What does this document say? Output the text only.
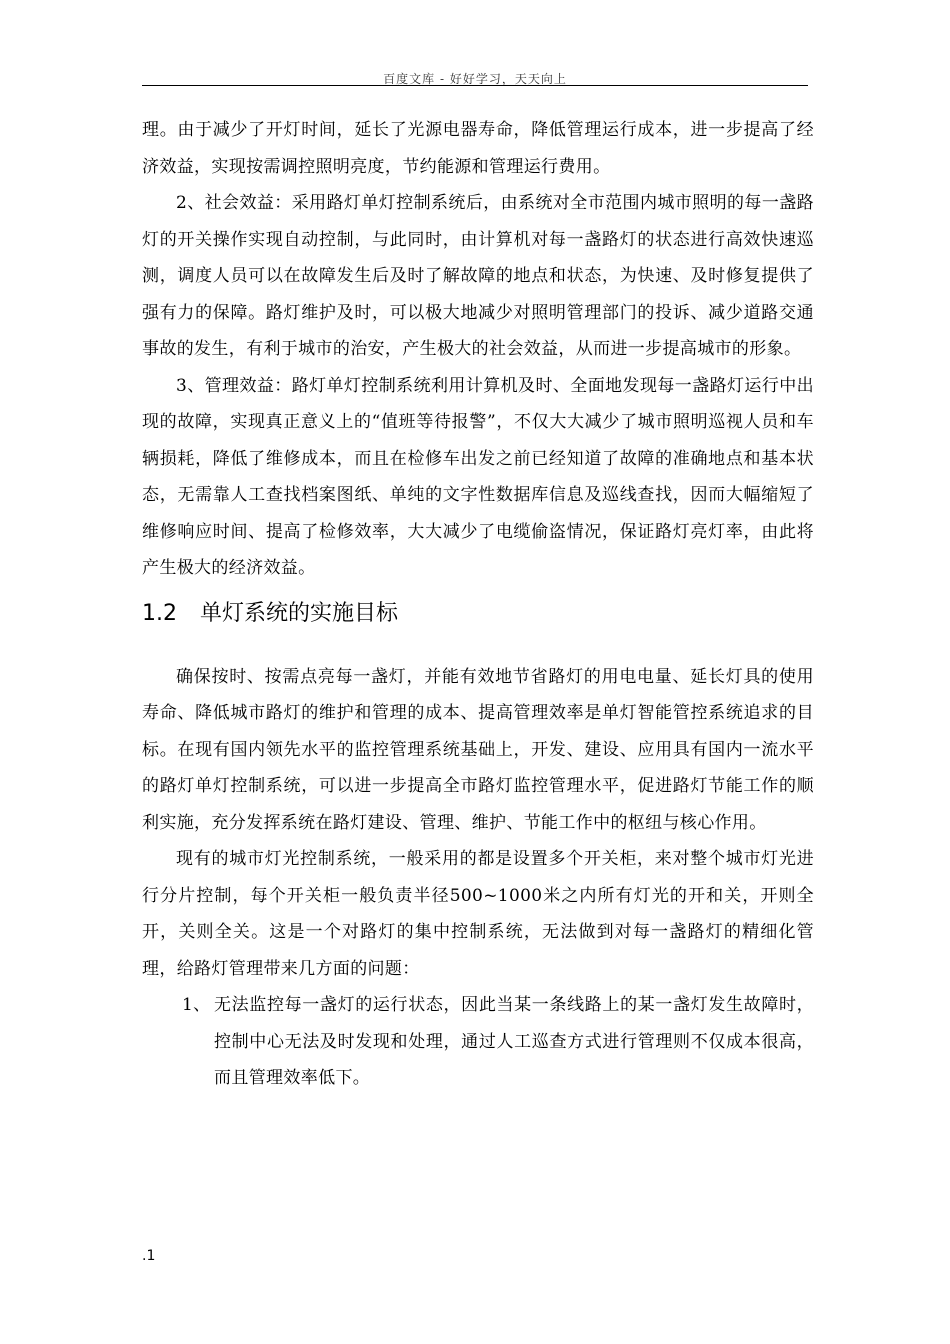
百度文库 - 好好学习，天天向上

理。由于减少了开灯时间，延长了光源电器寿命，降低管理运行成本，进一步提高了经济效益，实现按需调控照明亮度，节约能源和管理运行费用。

2、社会效益：采用路灯单灯控制系统后，由系统对全市范围内城市照明的每一盏路灯的开关操作实现自动控制，与此同时，由计算机对每一盏路灯的状态进行高效快速巡测，调度人员可以在故障发生后及时了解故障的地点和状态，为快速、及时修复提供了强有力的保障。路灯维护及时，可以极大地减少对照明管理部门的投诉、减少道路交通事故的发生，有利于城市的治安，产生极大的社会效益，从而进一步提高城市的形象。

3、管理效益：路灯单灯控制系统利用计算机及时、全面地发现每一盏路灯运行中出现的故障，实现真正意义上的“值班等待报警”，不仅大大减少了城市照明巡视人员和车辆损耗，降低了维修成本，而且在检修车出发之前已经知道了故障的准确地点和基本状态，无需靠人工查找档案图纸、单纯的文字性数据库信息及巡线查找，因而大幅缩短了维修响应时间、提高了检修效率，大大减少了电缆偷盗情况，保证路灯亮灯率，由此将产生极大的经济效益。

1.2 单灯系统的实施目标

确保按时、按需点亮每一盏灯，并能有效地节省路灯的用电电量、延长灯具的使用寿命、降低城市路灯的维护和管理的成本、提高管理效率是单灯智能管控系统追求的目标。在现有国内领先水平的监控管理系统基础上，开发、建设、应用具有国内一流水平的路灯单灯控制系统，可以进一步提高全市路灯监控管理水平，促进路灯节能工作的顺利实施，充分发挥系统在路灯建设、管理、维护、节能工作中的枢纽与核心作用。

现有的城市灯光控制系统，一般采用的都是设置多个开关柜，来对整个城市灯光进行分片控制，每个开关柜一般负责半径500~1000米之内所有灯光的开和关，开则全开，关则全关。这是一个对路灯的集中控制系统，无法做到对每一盏路灯的精细化管理，给路灯管理带来几方面的问题：

1、 无法监控每一盏灯的运行状态，因此当某一条线路上的某一盏灯发生故障时，控制中心无法及时发现和处理，通过人工巡查方式进行管理则不仅成本很高，而且管理效率低下。
.1
